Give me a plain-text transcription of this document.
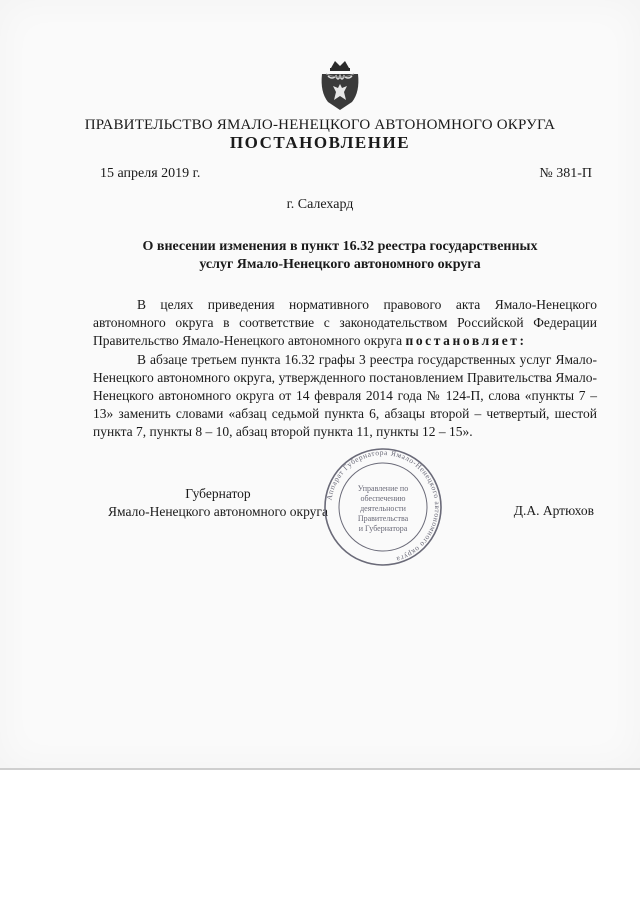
ПРАВИТЕЛЬСТВО ЯМАЛО-НЕНЕЦКОГО АВТОНОМНОГО ОКРУГА
ПОСТАНОВЛЕНИЕ
15 апреля 2019 г.	№ 381-П
г. Салехард
О внесении изменения в пункт 16.32 реестра государственных
услуг Ямало-Ненецкого автономного округа
В целях приведения нормативного правового акта Ямало-Ненецкого автономного округа в соответствие с законодательством Российской Федерации Правительство Ямало-Ненецкого автономного округа постановляет:
В абзаце третьем пункта 16.32 графы 3 реестра государственных услуг Ямало-Ненецкого автономного округа, утвержденного постановлением Правительства Ямало-Ненецкого автономного округа от 14 февраля 2014 года № 124-П, слова «пункты 7 – 13» заменить словами «абзац седьмой пункта 6, абзацы второй – четвертый, шестой пункта 7, пункты 8 – 10, абзац второй пункта 11, пункты 12 – 15».
Губернатор
Ямало-Ненецкого автономного округа	Д.А. Артюхов
Аппарат Губернатора Ямало-Ненецкого автономного округа
Управление по
обеспечению
деятельности
Правительства
и Губернатора
